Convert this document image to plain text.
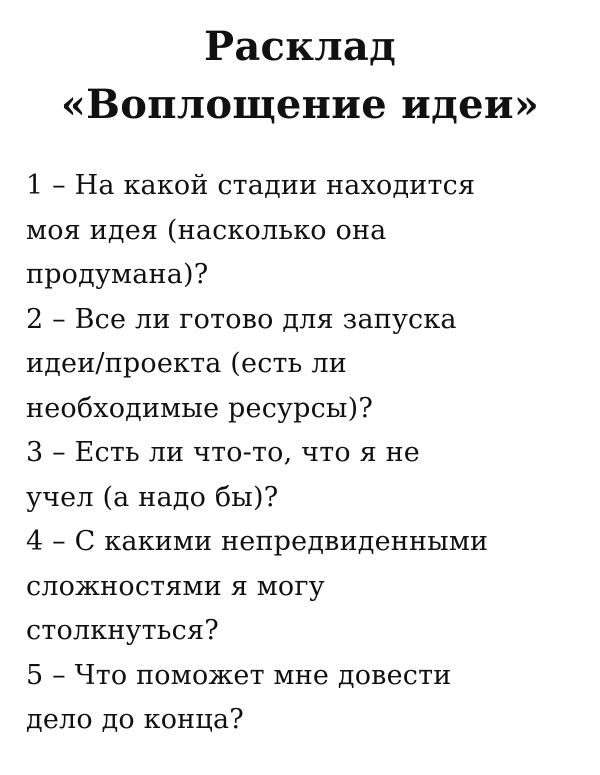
Расклад
«Воплощение идеи»

1 – На какой стадии находится
моя идея (насколько она
продумана)?

2 – Все ли готово для запуска
идеи/проекта (есть ли
необходимые ресурсы)?

3 – Есть ли что-то, что я не
учел (а надо бы)?

4 – С какими непредвиденными
сложностями я могу
столкнуться?

5 – Что поможет мне довести
дело до конца?
